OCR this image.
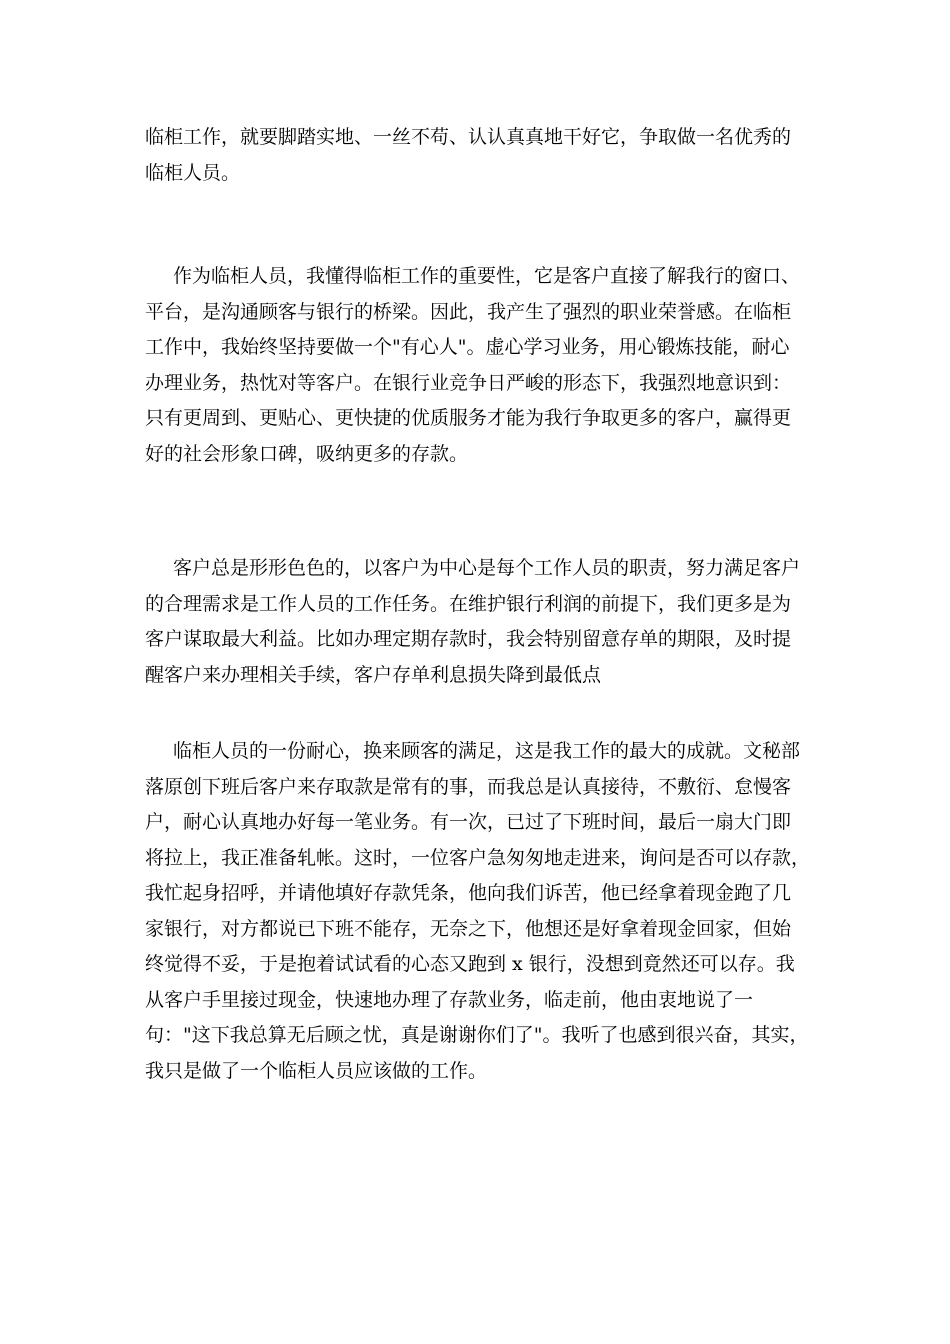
临柜工作，就要脚踏实地、一丝不苟、认认真真地干好它，争取做一名优秀的
临柜人员。
作为临柜人员，我懂得临柜工作的重要性，它是客户直接了解我行的窗口、
平台，是沟通顾客与银行的桥梁。因此，我产生了强烈的职业荣誉感。在临柜
工作中，我始终坚持要做一个"有心人"。虚心学习业务，用心锻炼技能，耐心
办理业务，热忱对等客户。在银行业竞争日严峻的形态下，我强烈地意识到：
只有更周到、更贴心、更快捷的优质服务才能为我行争取更多的客户，赢得更
好的社会形象口碑，吸纳更多的存款。
客户总是形形色色的，以客户为中心是每个工作人员的职责，努力满足客户
的合理需求是工作人员的工作任务。在维护银行利润的前提下，我们更多是为
客户谋取最大利益。比如办理定期存款时，我会特别留意存单的期限，及时提
醒客户来办理相关手续，客户存单利息损失降到最低点
临柜人员的一份耐心，换来顾客的满足，这是我工作的最大的成就。文秘部
落原创下班后客户来存取款是常有的事，而我总是认真接待，不敷衍、怠慢客
户，耐心认真地办好每一笔业务。有一次，已过了下班时间，最后一扇大门即
将拉上，我正准备轧帐。这时，一位客户急匆匆地走进来，询问是否可以存款，
我忙起身招呼，并请他填好存款凭条，他向我们诉苦，他已经拿着现金跑了几
家银行，对方都说已下班不能存，无奈之下，他想还是好拿着现金回家，但始
终觉得不妥，于是抱着试试看的心态又跑到 x 银行，没想到竟然还可以存。我
从客户手里接过现金，快速地办理了存款业务，临走前，他由衷地说了一
句："这下我总算无后顾之忧，真是谢谢你们了"。我听了也感到很兴奋，其实，
我只是做了一个临柜人员应该做的工作。
